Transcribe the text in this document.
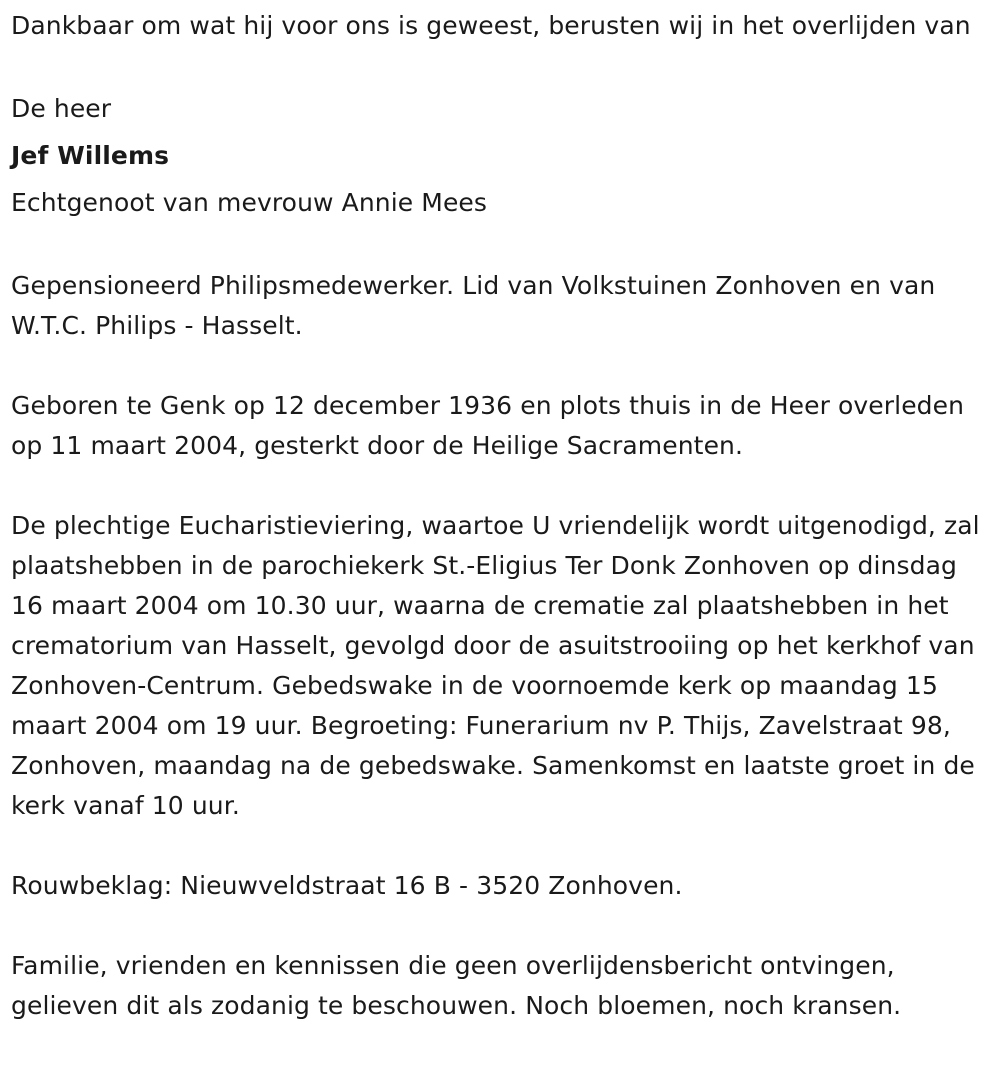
Dankbaar om wat hij voor ons is geweest, berusten wij in het overlijden van

De heer

Jef Willems

Echtgenoot van mevrouw Annie Mees

Gepensioneerd Philipsmedewerker. Lid van Volkstuinen Zonhoven en van W.T.C. Philips - Hasselt.

Geboren te Genk op 12 december 1936 en plots thuis in de Heer overleden op 11 maart 2004, gesterkt door de Heilige Sacramenten.

De plechtige Eucharistieviering, waartoe U vriendelijk wordt uitgenodigd, zal plaatshebben in de parochiekerk St.-Eligius Ter Donk Zonhoven op dinsdag 16 maart 2004 om 10.30 uur, waarna de crematie zal plaatshebben in het crematorium van Hasselt, gevolgd door de asuitstrooiing op het kerkhof van Zonhoven-Centrum. Gebedswake in de voornoemde kerk op maandag 15 maart 2004 om 19 uur. Begroeting: Funerarium nv P. Thijs, Zavelstraat 98, Zonhoven, maandag na de gebedswake. Samenkomst en laatste groet in de kerk vanaf 10 uur.

Rouwbeklag: Nieuwveldstraat 16 B - 3520 Zonhoven.

Familie, vrienden en kennissen die geen overlijdensbericht ontvingen, gelieven dit als zodanig te beschouwen. Noch bloemen, noch kransen.
